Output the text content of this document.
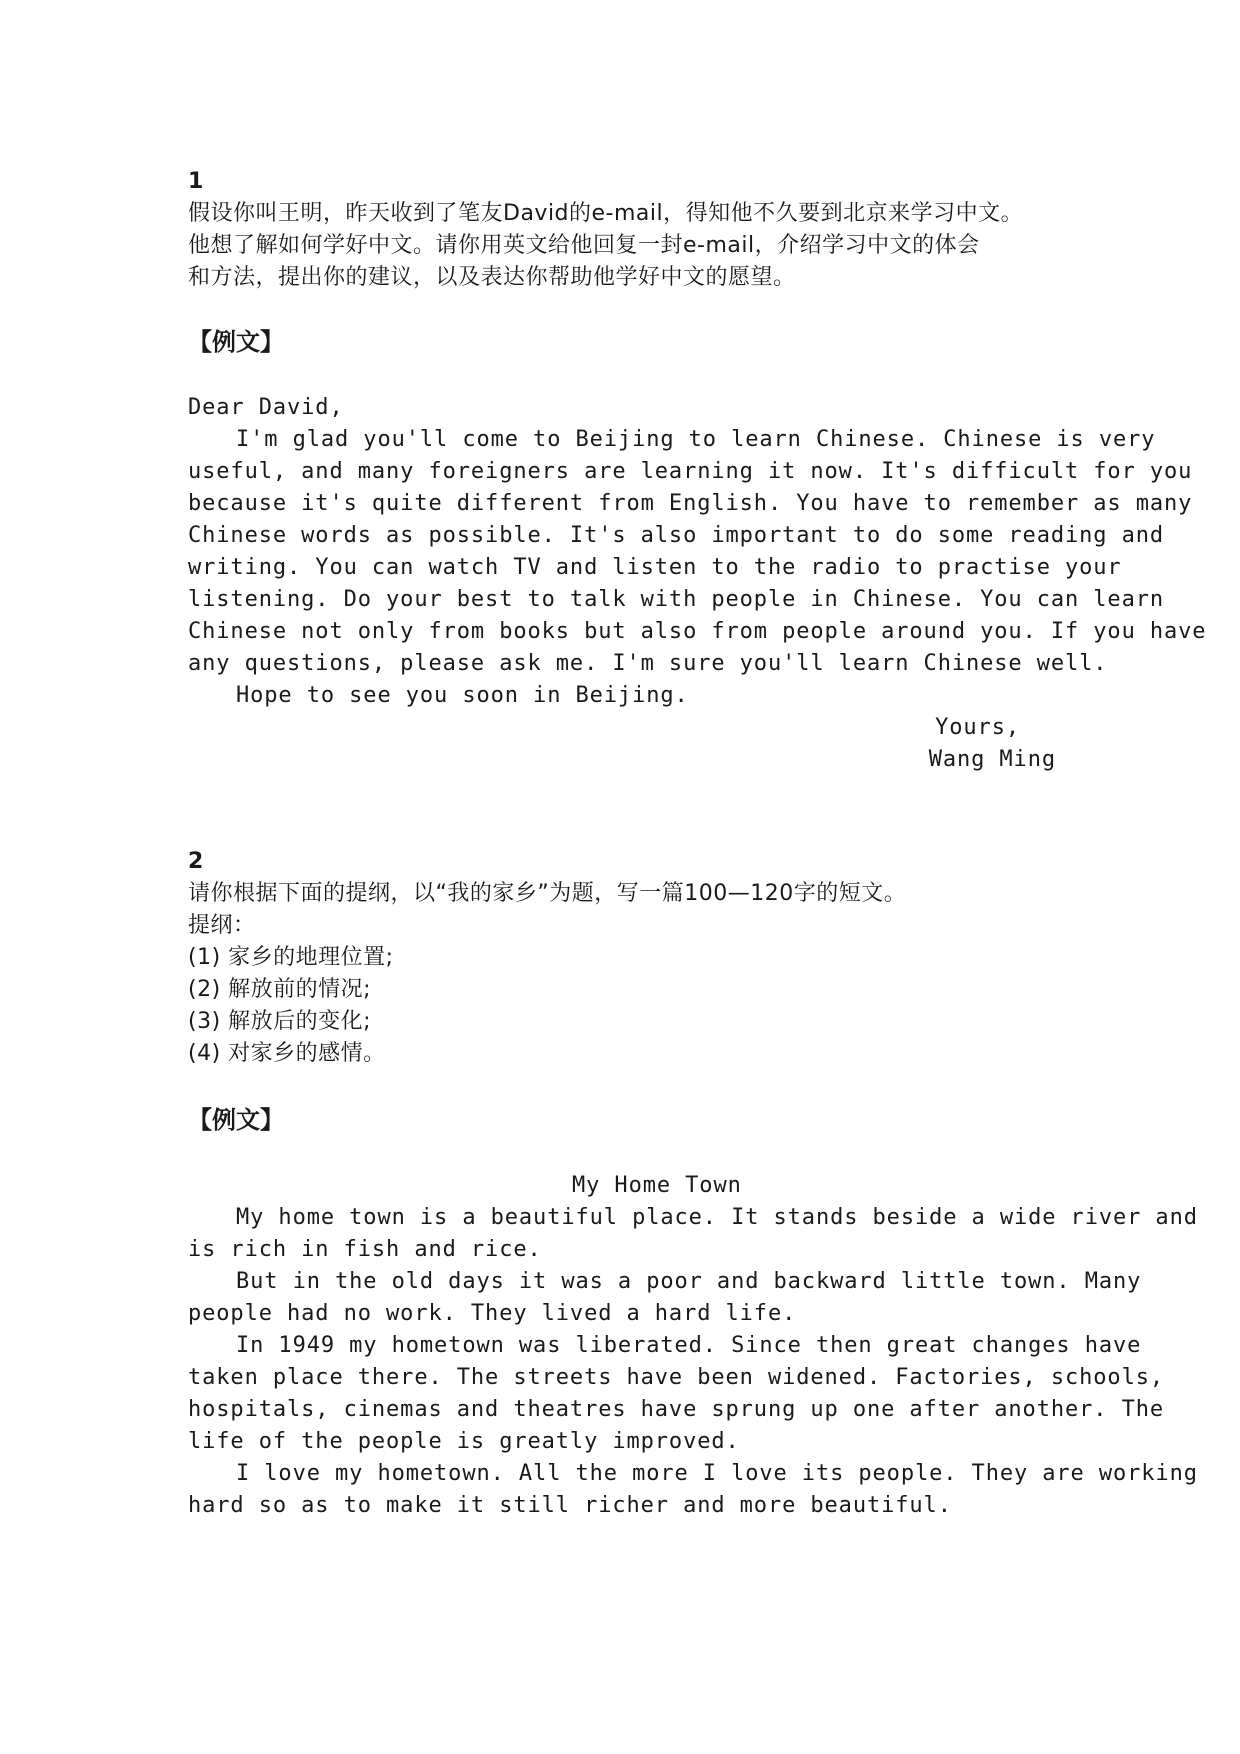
1
假设你叫王明，昨天收到了笔友David的e-mail，得知他不久要到北京来学习中文。
他想了解如何学好中文。请你用英文给他回复一封e-mail，介绍学习中文的体会
和方法，提出你的建议，以及表达你帮助他学好中文的愿望。
【例文】
Dear David,
I'm glad you'll come to Beijing to learn Chinese. Chinese is very
useful, and many foreigners are learning it now. It's difficult for you
because it's quite different from English. You have to remember as many
Chinese words as possible. It's also important to do some reading and
writing. You can watch TV and listen to the radio to practise your
listening. Do your best to talk with people in Chinese. You can learn
Chinese not only from books but also from people around you. If you have
any questions, please ask me. I'm sure you'll learn Chinese well.
Hope to see you soon in Beijing.
Yours,
Wang Ming
2
请你根据下面的提纲，以“我的家乡”为题，写一篇100—120字的短文。
提纲：
(1) 家乡的地理位置;
(2) 解放前的情况;
(3) 解放后的变化;
(4) 对家乡的感情。
【例文】
My Home Town
My home town is a beautiful place. It stands beside a wide river and
is rich in fish and rice.
But in the old days it was a poor and backward little town. Many
people had no work. They lived a hard life.
In 1949 my hometown was liberated. Since then great changes have
taken place there. The streets have been widened. Factories, schools,
hospitals, cinemas and theatres have sprung up one after another. The
life of the people is greatly improved.
I love my hometown. All the more I love its people. They are working
hard so as to make it still richer and more beautiful.
